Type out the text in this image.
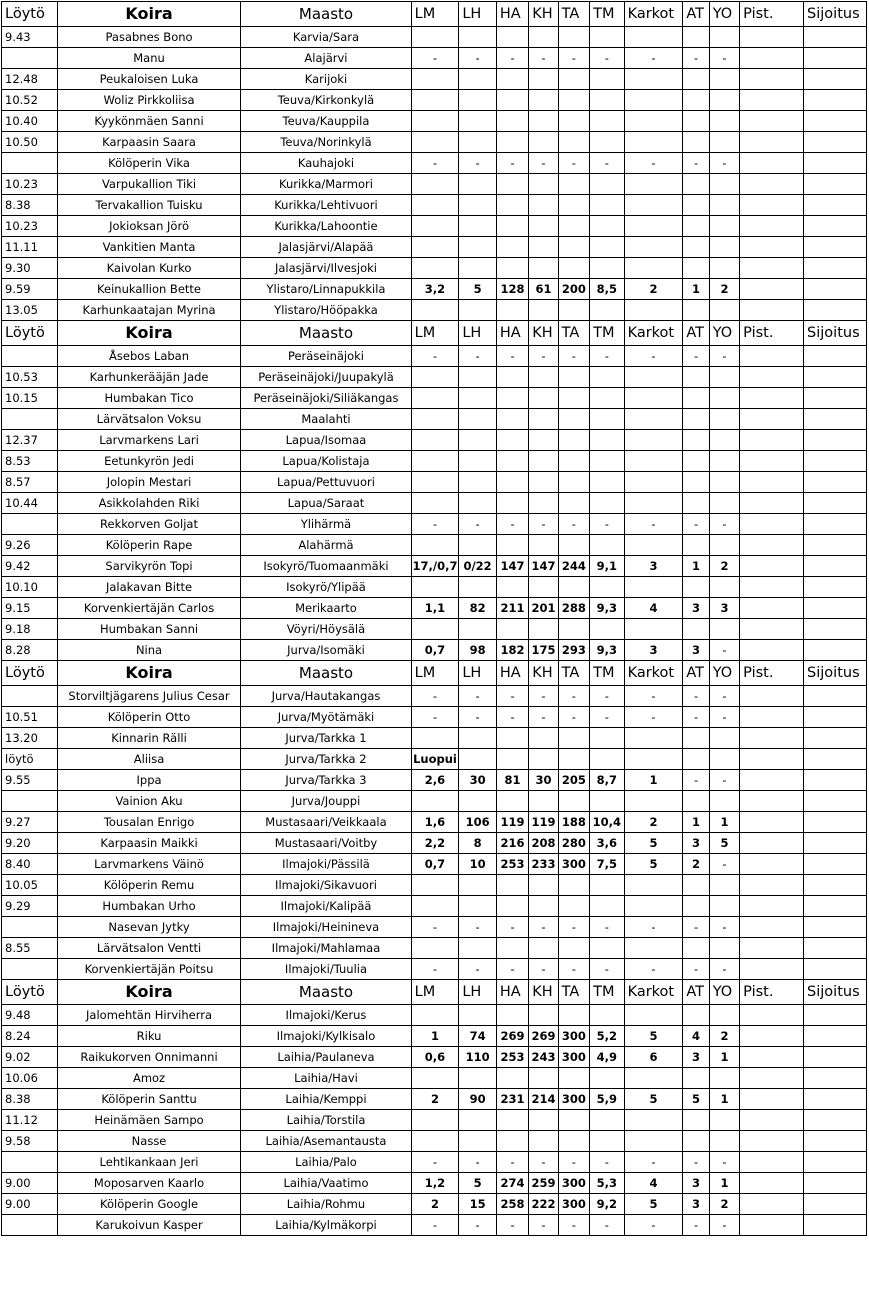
Löytö	Koira	Maasto	LM	LH	HA	KH	TA	TM	Karkot	AT	YO	Pist.	Sijoitus
9.43	Pasabnes Bono	Karvia/Sara											
	Manu	Alajärvi	-	-	-	-	-	-	-	-	-		
12.48	Peukaloisen Luka	Karijoki											
10.52	Woliz Pirkkoliisa	Teuva/Kirkonkylä											
10.40	Kyykönmäen Sanni	Teuva/Kauppila											
10.50	Karpaasin Saara	Teuva/Norinkylä											
	Kölöperin Vika	Kauhajoki	-	-	-	-	-	-	-	-	-		
10.23	Varpukallion Tiki	Kurikka/Marmori											
8.38	Tervakallion Tuisku	Kurikka/Lehtivuori											
10.23	Jokioksan Jörö	Kurikka/Lahoontie											
11.11	Vankitien Manta	Jalasjärvi/Alapää											
9.30	Kaivolan Kurko	Jalasjärvi/Ilvesjoki											
9.59	Keinukallion Bette	Ylistaro/Linnapukkila	3,2	5	128	61	200	8,5	2	1	2		
13.05	Karhunkaatajan Myrina	Ylistaro/Hööpakka											
Löytö	Koira	Maasto	LM	LH	HA	KH	TA	TM	Karkot	AT	YO	Pist.	Sijoitus
	Åsebos Laban	Peräseinäjoki	-	-	-	-	-	-	-	-	-		
10.53	Karhunkerääjän Jade	Peräseinäjoki/Juupakylä											
10.15	Humbakan Tico	Peräseinäjoki/Siliäkangas											
	Lärvätsalon Voksu	Maalahti											
12.37	Larvmarkens Lari	Lapua/Isomaa											
8.53	Eetunkyrön Jedi	Lapua/Kolistaja											
8.57	Jolopin Mestari	Lapua/Pettuvuori											
10.44	Asikkolahden Riki	Lapua/Saraat											
	Rekkorven Goljat	Ylihärmä	-	-	-	-	-	-	-	-	-		
9.26	Kölöperin Rape	Alahärmä											
9.42	Sarvikyrön Topi	Isokyrö/Tuomaanmäki	17,/0,7	0/22	147	147	244	9,1	3	1	2		
10.10	Jalakavan Bitte	Isokyrö/Ylipää											
9.15	Korvenkiertäjän Carlos	Merikaarto	1,1	82	211	201	288	9,3	4	3	3		
9.18	Humbakan Sanni	Vöyri/Höysälä											
8.28	Nina	Jurva/Isomäki	0,7	98	182	175	293	9,3	3	3	-		
Löytö	Koira	Maasto	LM	LH	HA	KH	TA	TM	Karkot	AT	YO	Pist.	Sijoitus
	Storviltjägarens Julius Cesar	Jurva/Hautakangas	-	-	-	-	-	-	-	-	-		
10.51	Kölöperin Otto	Jurva/Myötämäki	-	-	-	-	-	-	-	-	-		
13.20	Kinnarin Rälli	Jurva/Tarkka 1											
löytö	Aliisa	Jurva/Tarkka 2	Luopui										
9.55	Ippa	Jurva/Tarkka 3	2,6	30	81	30	205	8,7	1	-	-		
	Vainion Aku	Jurva/Jouppi											
9.27	Tousalan Enrigo	Mustasaari/Veikkaala	1,6	106	119	119	188	10,4	2	1	1		
9.20	Karpaasin Maikki	Mustasaari/Voitby	2,2	8	216	208	280	3,6	5	3	5		
8.40	Larvmarkens Väinö	Ilmajoki/Pässilä	0,7	10	253	233	300	7,5	5	2	-		
10.05	Kölöperin Remu	Ilmajoki/Sikavuori											
9.29	Humbakan Urho	Ilmajoki/Kalipää											
	Nasevan Jytky	Ilmajoki/Heinineva	-	-	-	-	-	-	-	-	-		
8.55	Lärvätsalon Ventti	Ilmajoki/Mahlamaa											
	Korvenkiertäjän Poitsu	Ilmajoki/Tuulia	-	-	-	-	-	-	-	-	-		
Löytö	Koira	Maasto	LM	LH	HA	KH	TA	TM	Karkot	AT	YO	Pist.	Sijoitus
9.48	Jalomehtän Hirviherra	Ilmajoki/Kerus											
8.24	Riku	Ilmajoki/Kylkisalo	1	74	269	269	300	5,2	5	4	2		
9.02	Raikukorven Onnimanni	Laihia/Paulaneva	0,6	110	253	243	300	4,9	6	3	1		
10.06	Amoz	Laihia/Havi											
8.38	Kölöperin Santtu	Laihia/Kemppi	2	90	231	214	300	5,9	5	5	1		
11.12	Heinämäen Sampo	Laihia/Torstila											
9.58	Nasse	Laihia/Asemantausta											
	Lehtikankaan Jeri	Laihia/Palo	-	-	-	-	-	-	-	-	-		
9.00	Moposarven Kaarlo	Laihia/Vaatimo	1,2	5	274	259	300	5,3	4	3	1		
9.00	Kölöperin Google	Laihia/Rohmu	2	15	258	222	300	9,2	5	3	2		
	Karukoivun Kasper	Laihia/Kylmäkorpi	-	-	-	-	-	-	-	-	-		
